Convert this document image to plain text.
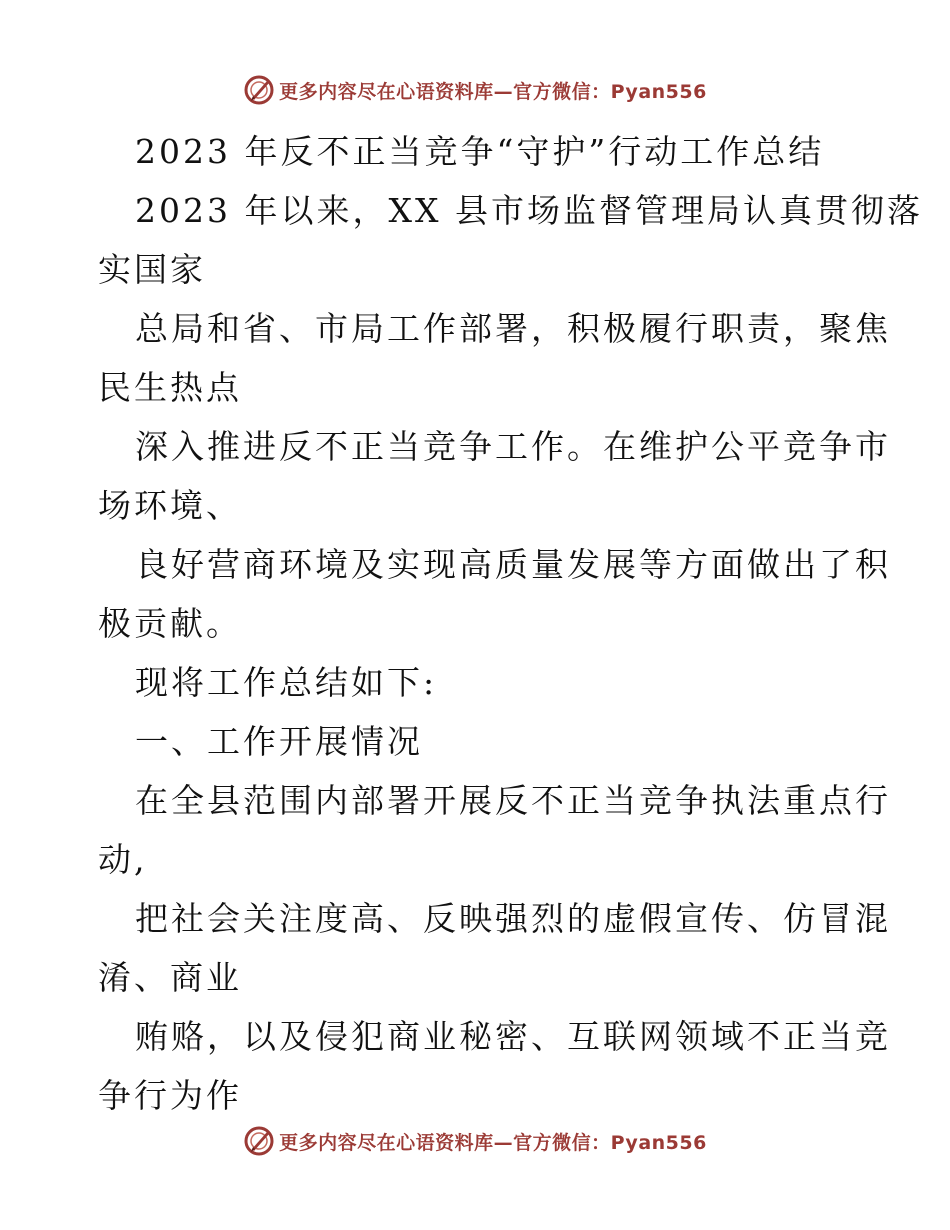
更多内容尽在心语资料库—官方微信：Pyan556
2023 年反不正当竞争“守护”行动工作总结
2023 年以来，XX 县市场监督管理局认真贯彻落
实国家
总局和省、市局工作部署，积极履行职责，聚焦
民生热点
深入推进反不正当竞争工作。在维护公平竞争市
场环境、
良好营商环境及实现高质量发展等方面做出了积
极贡献。
现将工作总结如下:
一、工作开展情况
在全县范围内部署开展反不正当竞争执法重点行
动,
把社会关注度高、反映强烈的虚假宣传、仿冒混
淆、商业
贿赂，以及侵犯商业秘密、互联网领域不正当竞
争行为作
更多内容尽在心语资料库—官方微信：Pyan556
